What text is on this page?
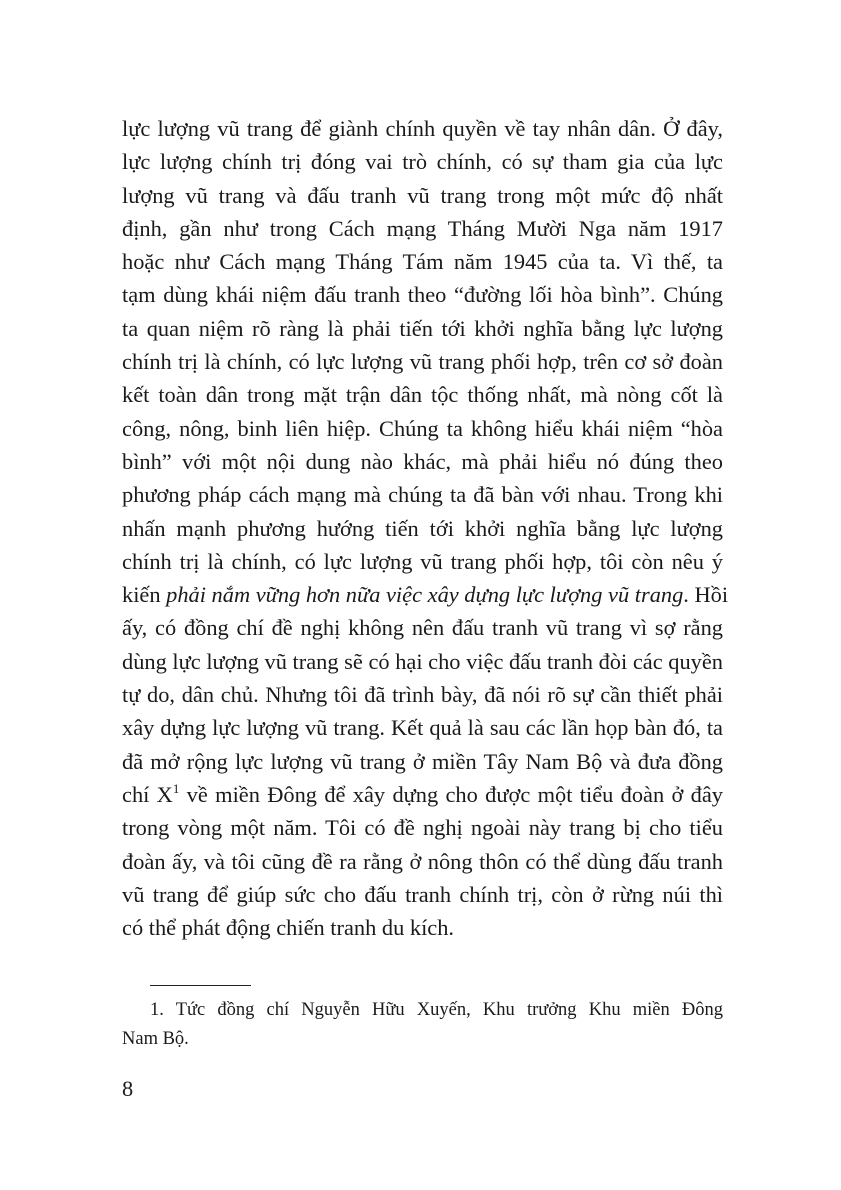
lực lượng vũ trang để giành chính quyền về tay nhân dân. Ở đây,
lực lượng chính trị đóng vai trò chính, có sự tham gia của lực
lượng vũ trang và đấu tranh vũ trang trong một mức độ nhất
định, gần như trong Cách mạng Tháng Mười Nga năm 1917
hoặc như Cách mạng Tháng Tám năm 1945 của ta. Vì thế, ta
tạm dùng khái niệm đấu tranh theo “đường lối hòa bình”. Chúng
ta quan niệm rõ ràng là phải tiến tới khởi nghĩa bằng lực lượng
chính trị là chính, có lực lượng vũ trang phối hợp, trên cơ sở đoàn
kết toàn dân trong mặt trận dân tộc thống nhất, mà nòng cốt là
công, nông, binh liên hiệp. Chúng ta không hiểu khái niệm “hòa
bình” với một nội dung nào khác, mà phải hiểu nó đúng theo
phương pháp cách mạng mà chúng ta đã bàn với nhau. Trong khi
nhấn mạnh phương hướng tiến tới khởi nghĩa bằng lực lượng
chính trị là chính, có lực lượng vũ trang phối hợp, tôi còn nêu ý
kiến phải nắm vững hơn nữa việc xây dựng lực lượng vũ trang. Hồi
ấy, có đồng chí đề nghị không nên đấu tranh vũ trang vì sợ rằng
dùng lực lượng vũ trang sẽ có hại cho việc đấu tranh đòi các quyền
tự do, dân chủ. Nhưng tôi đã trình bày, đã nói rõ sự cần thiết phải
xây dựng lực lượng vũ trang. Kết quả là sau các lần họp bàn đó, ta
đã mở rộng lực lượng vũ trang ở miền Tây Nam Bộ và đưa đồng
chí $X^1$ về miền Đông để xây dựng cho được một tiểu đoàn ở đây
trong vòng một năm. Tôi có đề nghị ngoài này trang bị cho tiểu
đoàn ấy, và tôi cũng đề ra rằng ở nông thôn có thể dùng đấu tranh
vũ trang để giúp sức cho đấu tranh chính trị, còn ở rừng núi thì
có thể phát động chiến tranh du kích.
1. Tức đồng chí Nguyễn Hữu Xuyến, Khu trưởng Khu miền Đông
Nam Bộ.
8
